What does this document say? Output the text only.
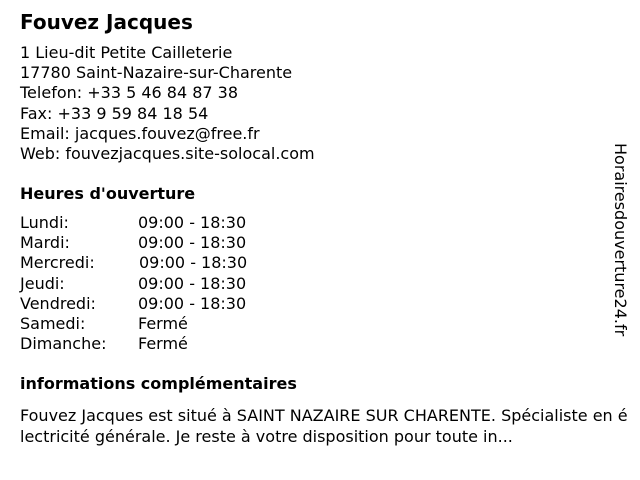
Fouvez Jacques
1 Lieu-dit Petite Cailleterie
17780 Saint-Nazaire-sur-Charente
Telefon: +33 5 46 84 87 38
Fax: +33 9 59 84 18 54
Email: jacques.fouvez@free.fr
Web: fouvezjacques.site-solocal.com
Heures d'ouverture
Lundi:	09:00 - 18:30
Mardi:	09:00 - 18:30
Mercredi:	09:00 - 18:30
Jeudi:	09:00 - 18:30
Vendredi:	09:00 - 18:30
Samedi:	Fermé
Dimanche: Fermé
informations complémentaires
Fouvez Jacques est situé à SAINT NAZAIRE SUR CHARENTE. Spécialiste en électricité générale. Je reste à votre disposition pour toute in...
Horairesdouverture24.fr
